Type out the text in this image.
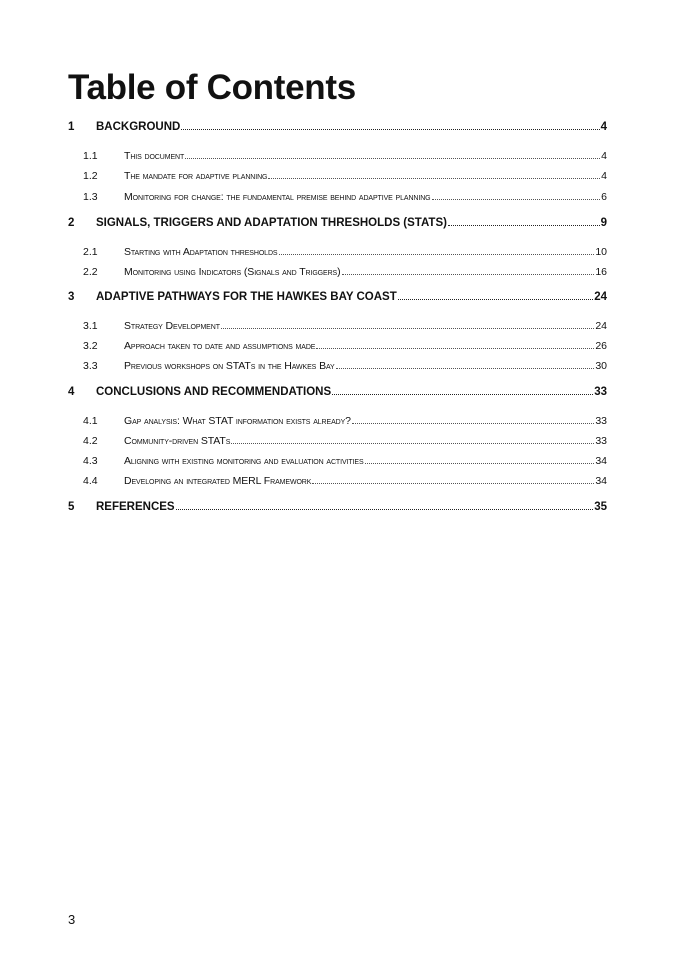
Table of Contents
1	BACKGROUND	4
1.1	This document	4
1.2	The mandate for adaptive planning	4
1.3	Monitoring for change: the fundamental premise behind adaptive planning	6
2	SIGNALS, TRIGGERS AND ADAPTATION THRESHOLDS (STATS)	9
2.1	Starting with Adaptation thresholds	10
2.2	Monitoring using Indicators (Signals and Triggers)	16
3	ADAPTIVE PATHWAYS FOR THE HAWKES BAY COAST	24
3.1	Strategy Development	24
3.2	Approach taken to date and assumptions made	26
3.3	Previous workshops on STATs in the Hawkes Bay	30
4	CONCLUSIONS AND RECOMMENDATIONS	33
4.1	Gap analysis: What STAT information exists already?	33
4.2	Community-driven STATs	33
4.3	Aligning with existing monitoring and evaluation activities	34
4.4	Developing an integrated MERL Framework	34
5	REFERENCES	35
3
